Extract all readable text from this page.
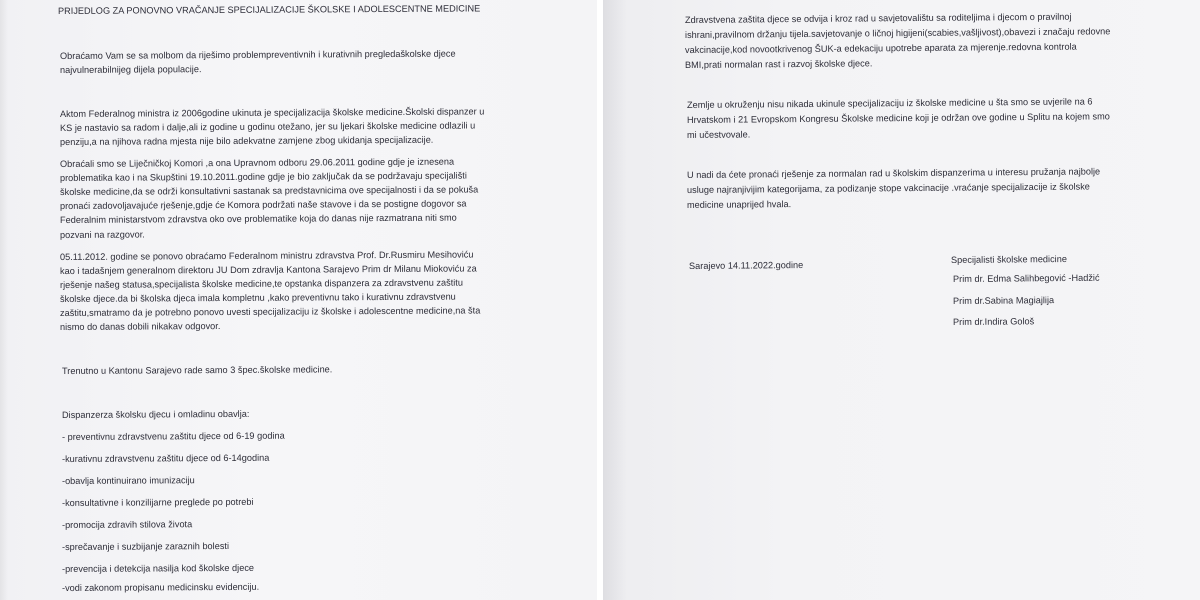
PRIJEDLOG ZA PONOVNO VRAČANJE SPECIJALIZACIJE ŠKOLSKE I ADOLESCENTNE MEDICINE
Obraćamo Vam se sa molbom da riješimo problempreventivnih i kurativnih pregledaškolske djece
najvulnerabilnijeg dijela populacije.
Aktom Federalnog ministra iz 2006godine ukinuta je specijalizacija školske medicine.Školski dispanzer u
KS je nastavio sa radom i dalje,ali iz godine u godinu otežano, jer su ljekari školske medicine odlazili u
penziju,a na njihova radna mjesta nije bilo adekvatne zamjene zbog ukidanja specijalizacije.
Obraćali smo se Liječničkoj Komori ,a ona Upravnom odboru 29.06.2011 godine gdje je iznesena
problematika kao i na Skupštini 19.10.2011.godine gdje je bio zaključak da se podržavaju specijališti
školske medicine,da se održi konsultativni sastanak sa predstavnicima ove specijalnosti i da se pokuša
pronaći zadovoljavajuće rješenje,gdje će Komora podržati naše stavove i da se postigne dogovor sa
Federalnim ministarstvom zdravstva oko ove problematike koja do danas nije razmatrana niti smo
pozvani na razgovor.
05.11.2012. godine se ponovo obraćamo Federalnom ministru zdravstva Prof. Dr.Rusmiru Mesihoviću
kao i tadašnjem generalnom direktoru JU Dom zdravlja Kantona Sarajevo Prim dr Milanu Miokoviću za
rješenje našeg statusa,specijalista školske medicine,te opstanka dispanzera za zdravstvenu zaštitu
školske djece.da bi školska djeca imala kompletnu ,kako preventivnu tako i kurativnu zdravstvenu
zaštitu,smatramo da je potrebno ponovo uvesti specijalizaciju iz školske i adolescentne medicine,na šta
nismo do danas dobili nikakav odgovor.
Trenutno u Kantonu Sarajevo rade samo 3 špec.školske medicine.
Dispanzerza školsku djecu i omladinu obavlja:
- preventivnu zdravstvenu zaštitu djece od 6-19 godina
-kurativnu zdravstvenu zaštitu djece od 6-14godina
-obavlja kontinuirano imunizaciju
-konsultativne i konzilijarne preglede po potrebi
-promocija zdravih stilova života
-sprečavanje i suzbijanje zaraznih bolesti
-prevencija i detekcija nasilja kod školske djece
-vodi zakonom propisanu medicinsku evidenciju.
Zdravstvena zaštita djece se odvija i kroz rad u savjetovalištu sa roditeljima i djecom o pravilnoj
ishrani,pravilnom držanju tijela.savjetovanje o ličnoj higijeni(scabies,vašljivost),obavezi i značaju redovne
vakcinacije,kod novootkrivenog ŠUK-a edekaciju upotrebe aparata za mjerenje.redovna kontrola
BMI,prati normalan rast i razvoj školske djece.
Zemlje u okruženju nisu nikada ukinule specijalizaciju iz školske medicine u šta smo se uvjerile na 6
Hrvatskom i 21 Evropskom Kongresu Školske medicine koji je održan ove godine u Splitu na kojem smo
mi učestvovale.
U nadi da ćete pronaći rješenje za normalan rad u školskim dispanzerima u interesu pružanja najbolje
usluge najranjivijim kategorijama, za podizanje stope vakcinacije .vraćanje specijalizacije iz školske
medicine unaprijed hvala.
Sarajevo 14.11.2022.godine
Specijalisti školske medicine
Prim dr. Edma Salihbegović -Hadžić
Prim dr.Sabina Magiajlija
Prim dr.Indira Gološ
